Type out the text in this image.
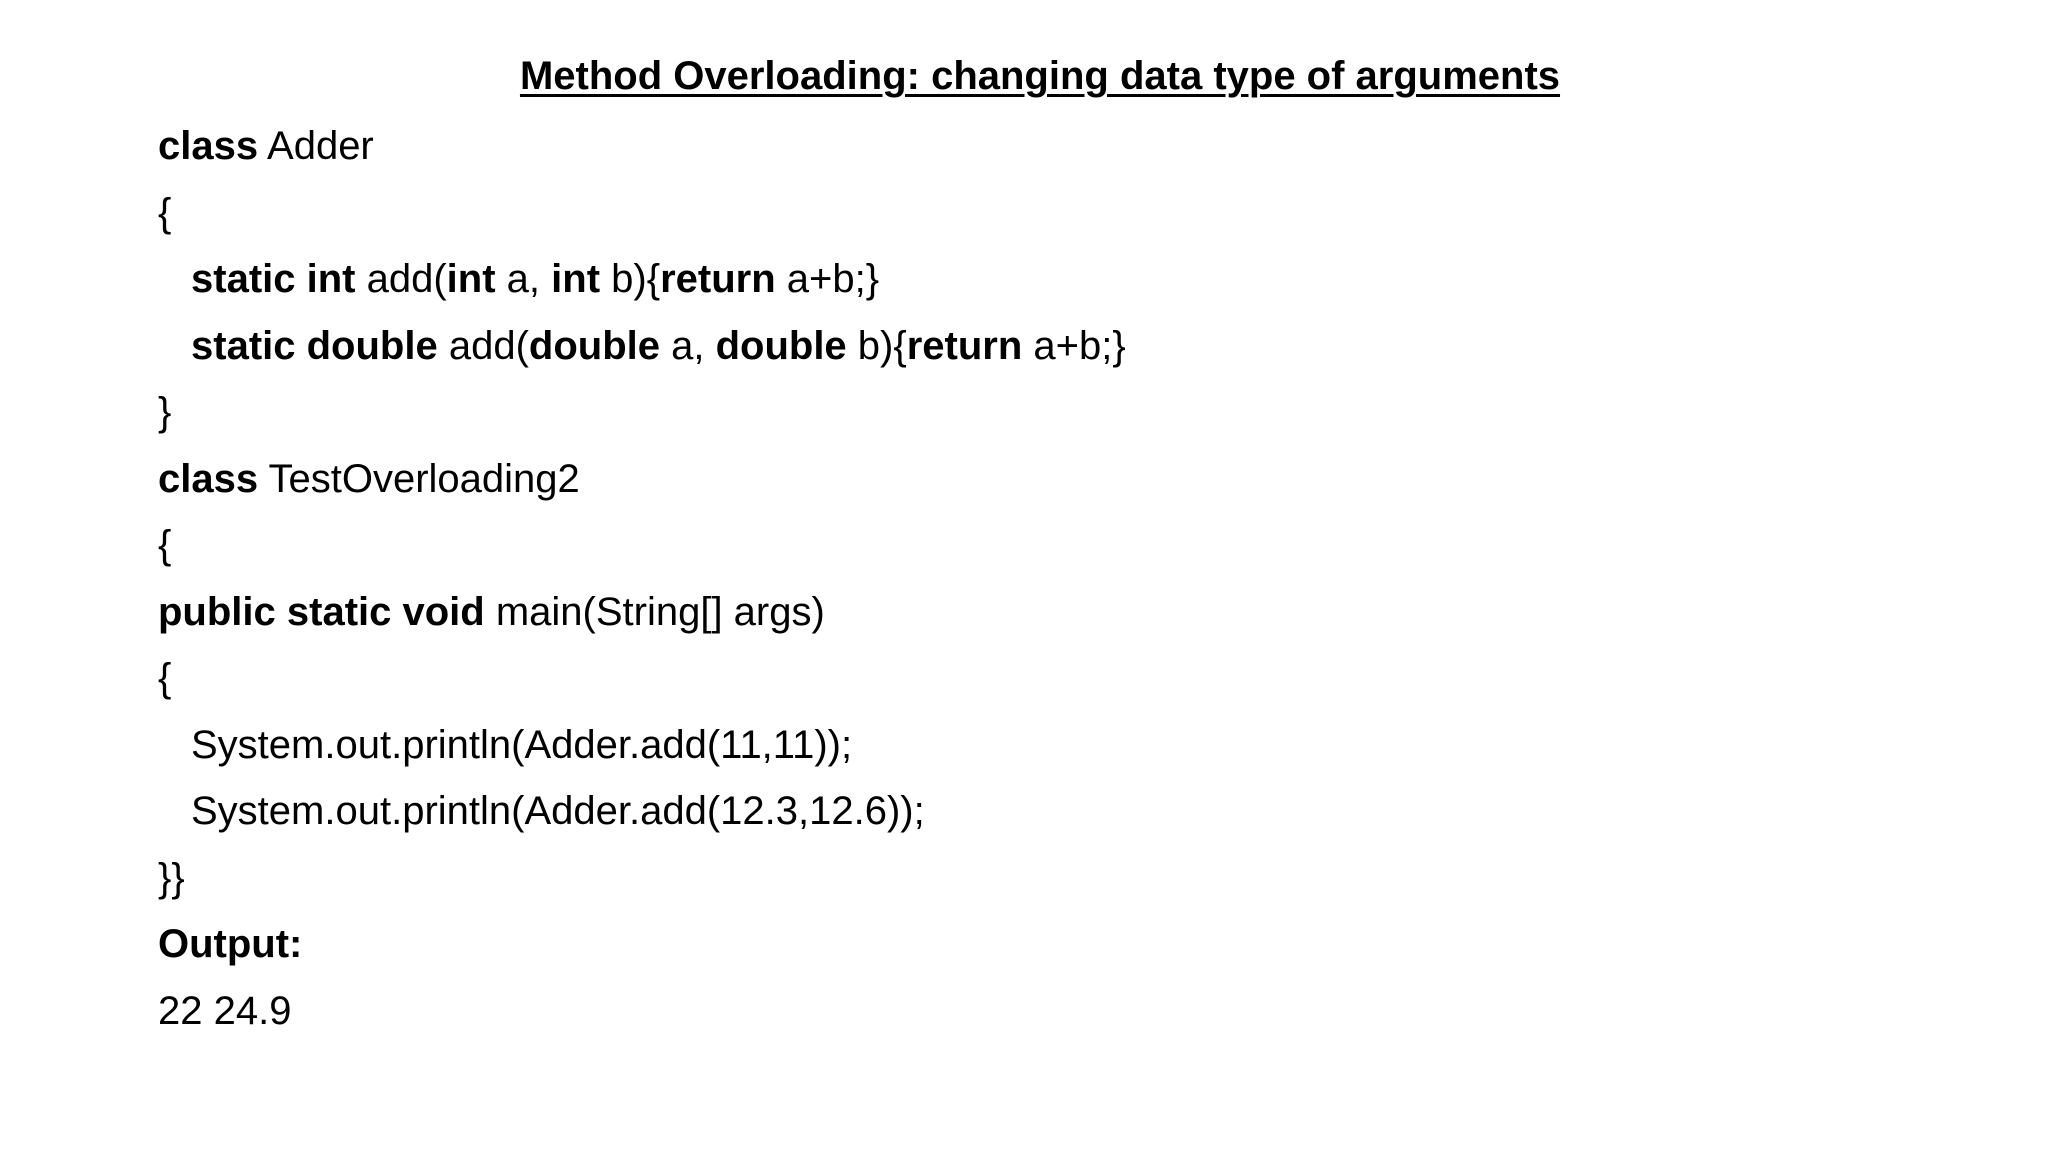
Method Overloading: changing data type of arguments
class Adder
{
static int add(int a, int b){return a+b;}
static double add(double a, double b){return a+b;}
}
class TestOverloading2
{
public static void main(String[] args)
{
System.out.println(Adder.add(11,11));
System.out.println(Adder.add(12.3,12.6));
}}
Output:
22 24.9
